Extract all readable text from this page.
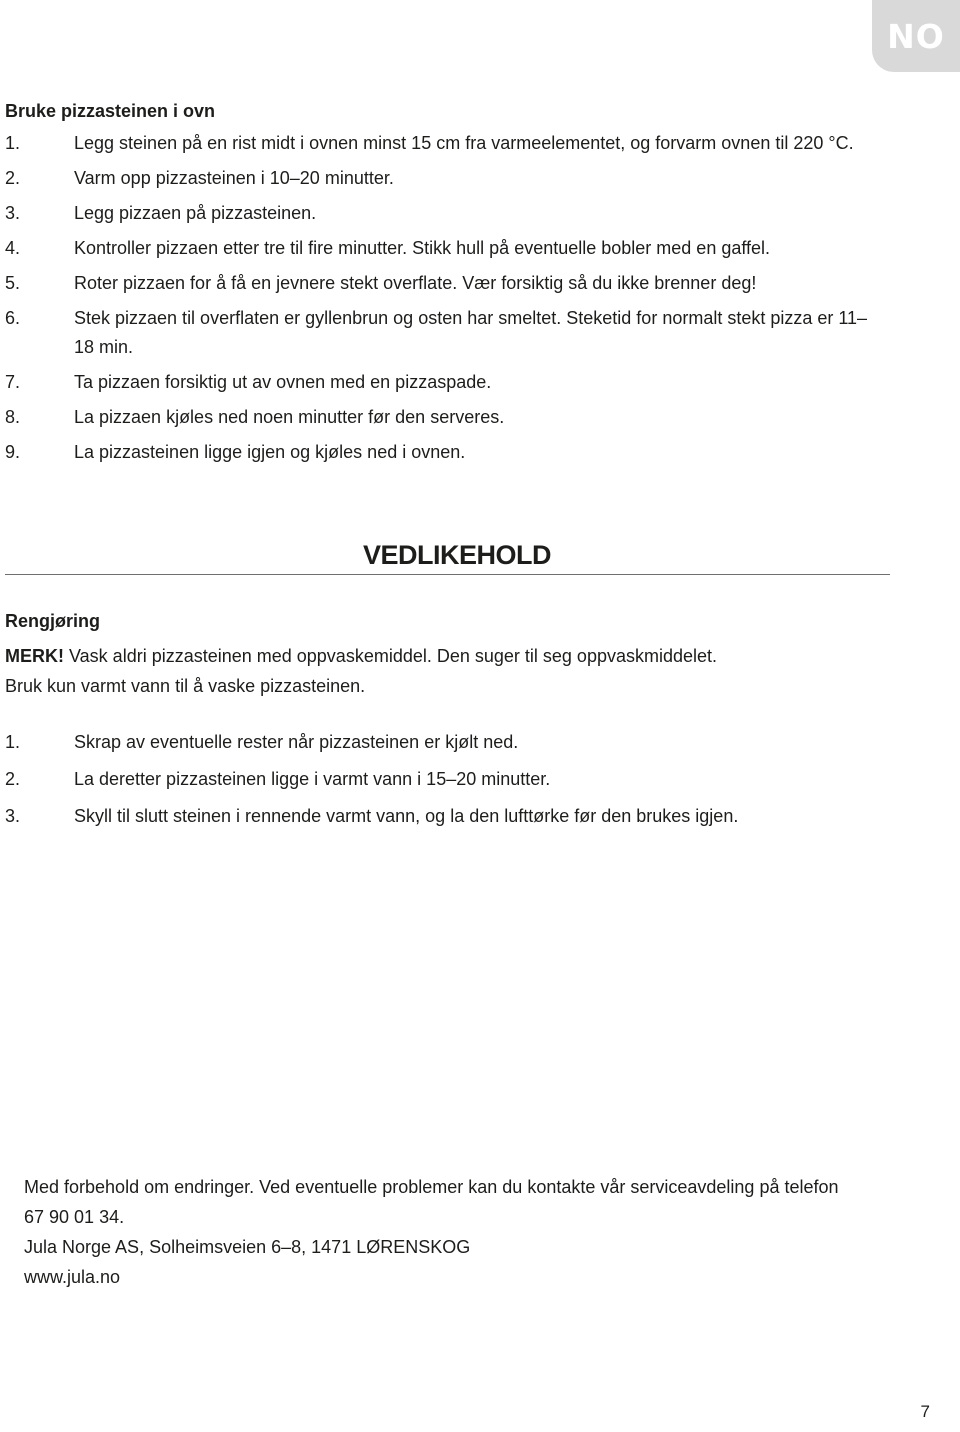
NO
Bruke pizzasteinen i ovn
1.	Legg steinen på en rist midt i ovnen minst 15 cm fra varmeelementet, og forvarm ovnen til 220 °C.
2.	Varm opp pizzasteinen i 10–20 minutter.
3.	Legg pizzaen på pizzasteinen.
4.	Kontroller pizzaen etter tre til fire minutter. Stikk hull på eventuelle bobler med en gaffel.
5.	Roter pizzaen for å få en jevnere stekt overflate. Vær forsiktig så du ikke brenner deg!
6.	Stek pizzaen til overflaten er gyllenbrun og osten har smeltet. Steketid for normalt stekt pizza er 11–18 min.
7.	Ta pizzaen forsiktig ut av ovnen med en pizzaspade.
8.	La pizzaen kjøles ned noen minutter før den serveres.
9.	La pizzasteinen ligge igjen og kjøles ned i ovnen.
VEDLIKEHOLD
Rengjøring

MERK! Vask aldri pizzasteinen med oppvaskemiddel. Den suger til seg oppvaskmiddelet.
Bruk kun varmt vann til å vaske pizzasteinen.

1.	Skrap av eventuelle rester når pizzasteinen er kjølt ned.
2.	La deretter pizzasteinen ligge i varmt vann i 15–20 minutter.
3.	Skyll til slutt steinen i rennende varmt vann, og la den lufttørke før den brukes igjen.
Med forbehold om endringer. Ved eventuelle problemer kan du kontakte vår serviceavdeling på telefon
67 90 01 34.
Jula Norge AS, Solheimsveien 6–8, 1471 LØRENSKOG
www.jula.no
7
